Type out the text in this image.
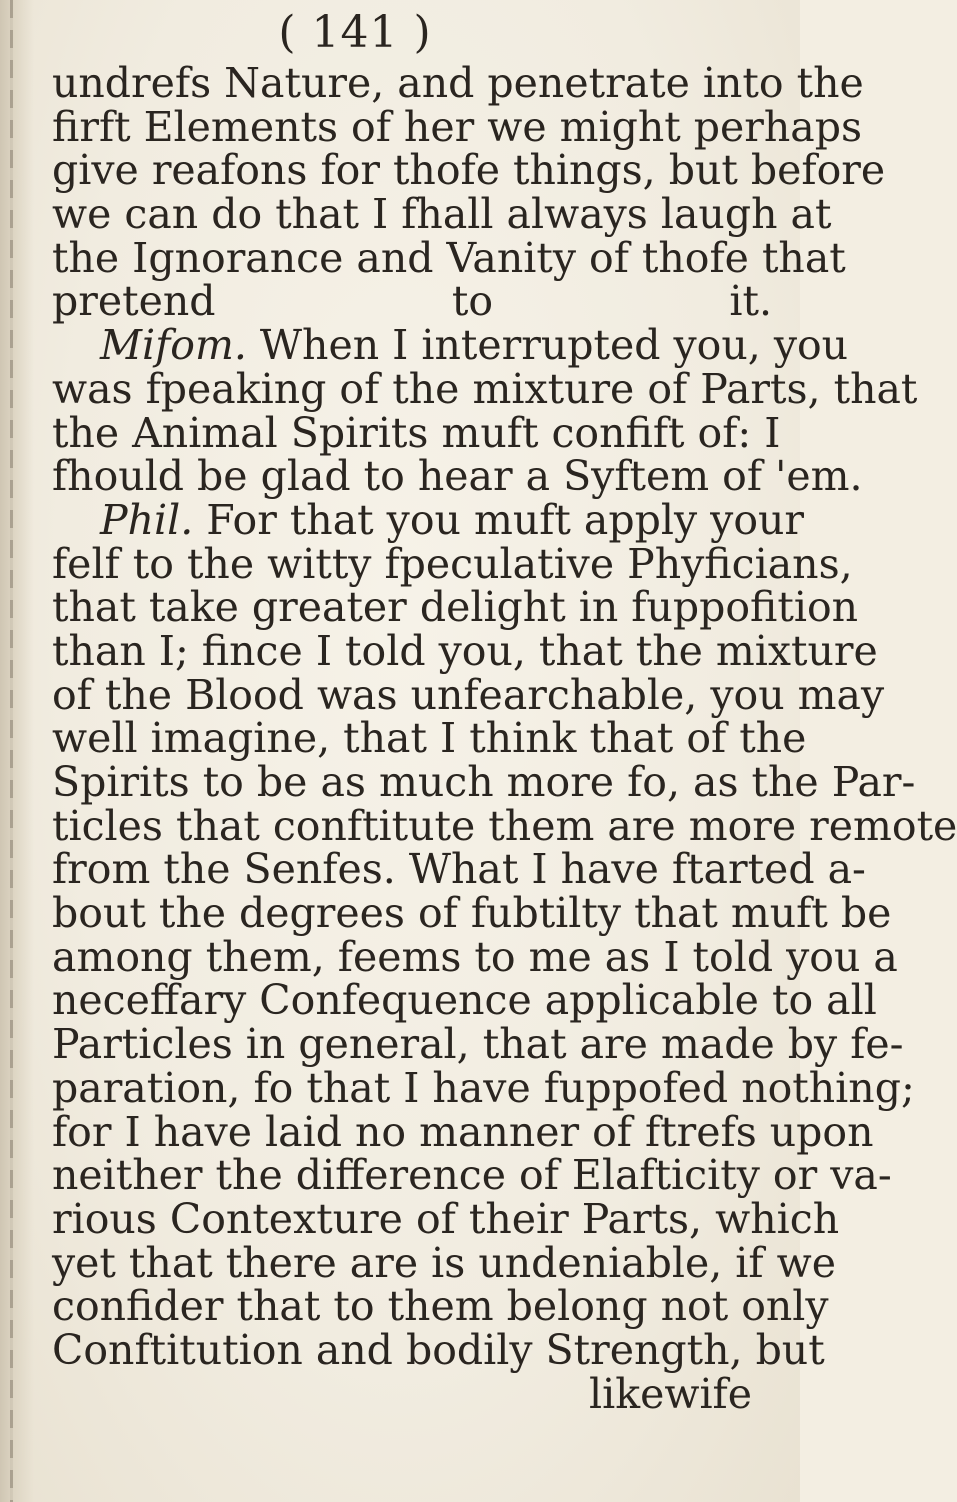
( 141 )
undrefs Nature, and penetrate into the
firft Elements of her we might perhaps
give reafons for thofe things, but before
we can do that I fhall always laugh at
the Ignorance and Vanity of thofe that
pretend to it.
Mifom. When I interrupted you, you
was fpeaking of the mixture of Parts, that
the Animal Spirits muft confift of: I
fhould be glad to hear a Syftem of 'em.
Phil. For that you muft apply your
felf to the witty fpeculative Phyficians,
that take greater delight in fuppofition
than I; fince I told you, that the mixture
of the Blood was unfearchable, you may
well imagine, that I think that of the
Spirits to be as much more fo, as the Par-
ticles that conftitute them are more remote
from the Senfes. What I have ftarted a-
bout the degrees of fubtilty that muft be
among them, feems to me as I told you a
neceffary Confequence applicable to all
Particles in general, that are made by fe-
paration, fo that I have fuppofed nothing;
for I have laid no manner of ftrefs upon
neither the difference of Elafticity or va-
rious Contexture of their Parts, which
yet that there are is undeniable, if we
confider that to them belong not only
Conftitution and bodily Strength, but
likewife
